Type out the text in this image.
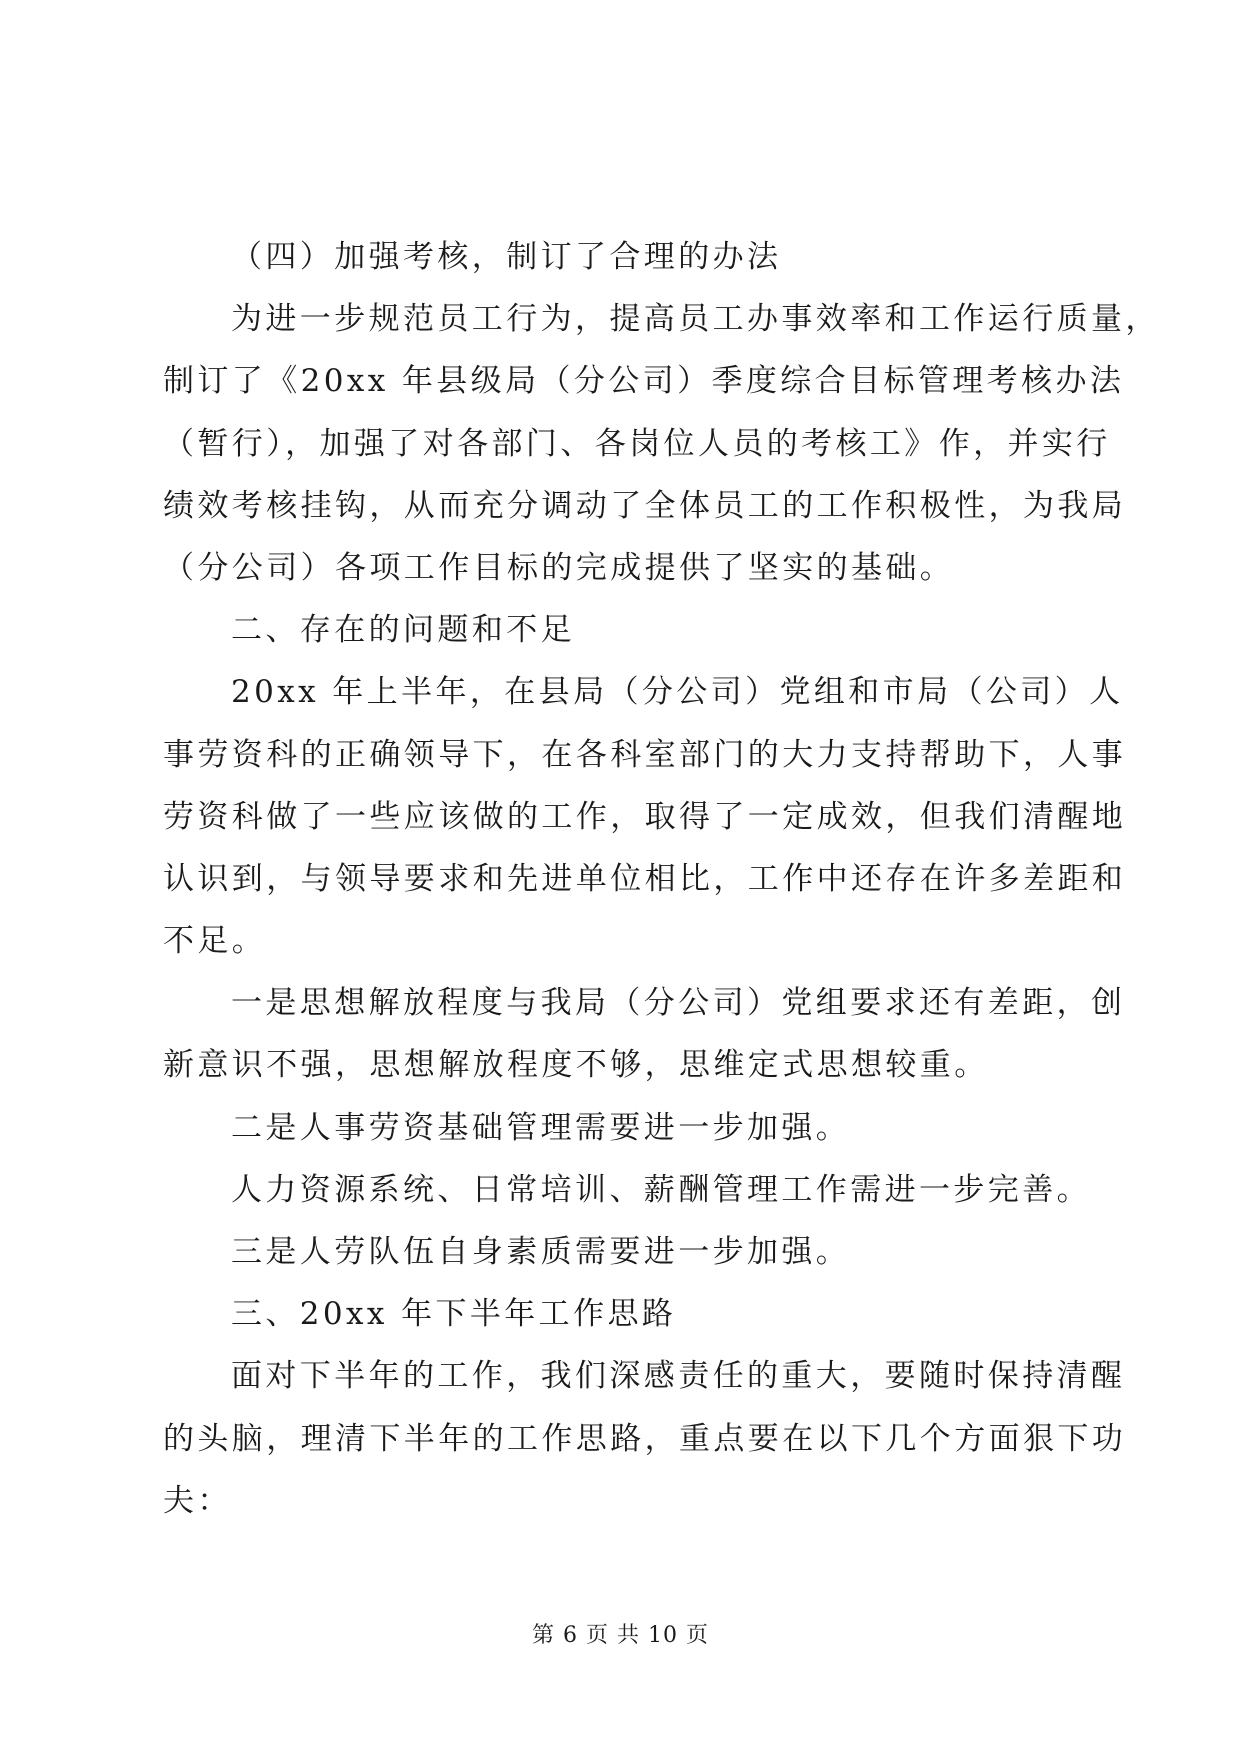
（四）加强考核，制订了合理的办法
为进一步规范员工行为，提高员工办事效率和工作运行质量，
制订了《20xx 年县级局（分公司）季度综合目标管理考核办法
（暂行），加强了对各部门、各岗位人员的考核工》作，并实行
绩效考核挂钩，从而充分调动了全体员工的工作积极性，为我局
（分公司）各项工作目标的完成提供了坚实的基础。
二、存在的问题和不足
20xx 年上半年，在县局（分公司）党组和市局（公司）人
事劳资科的正确领导下，在各科室部门的大力支持帮助下，人事
劳资科做了一些应该做的工作，取得了一定成效，但我们清醒地
认识到，与领导要求和先进单位相比，工作中还存在许多差距和
不足。
一是思想解放程度与我局（分公司）党组要求还有差距，创
新意识不强，思想解放程度不够，思维定式思想较重。
二是人事劳资基础管理需要进一步加强。
人力资源系统、日常培训、薪酬管理工作需进一步完善。
三是人劳队伍自身素质需要进一步加强。
三、20xx 年下半年工作思路
面对下半年的工作，我们深感责任的重大，要随时保持清醒
的头脑，理清下半年的工作思路，重点要在以下几个方面狠下功
夫：
第 6 页 共 10 页
